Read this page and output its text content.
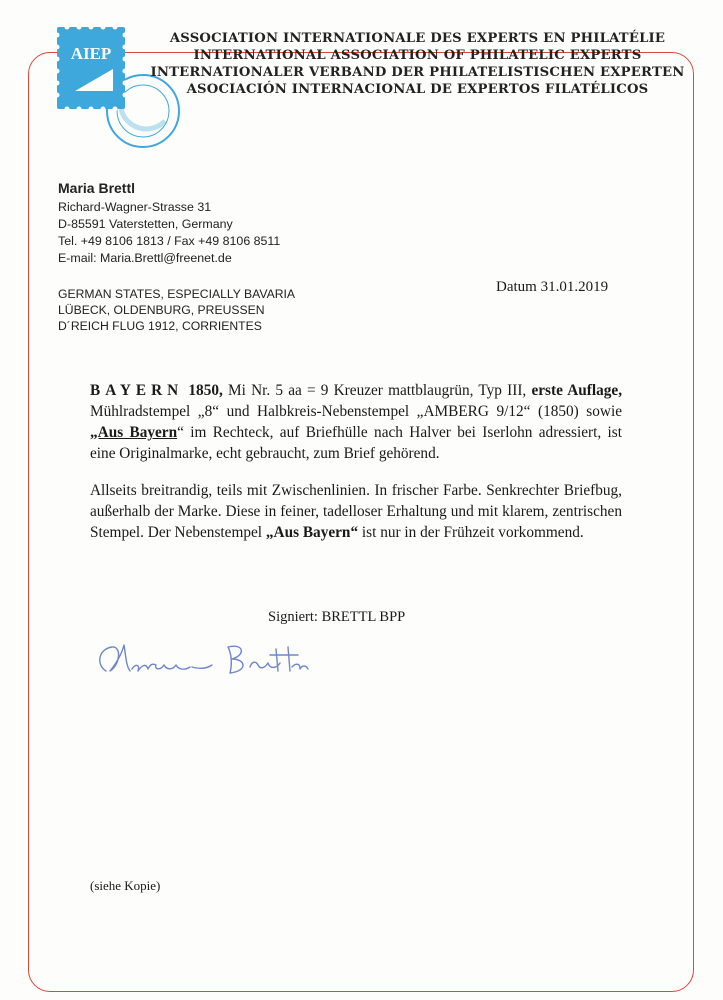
AIEP
ASSOCIATION INTERNATIONALE DES EXPERTS EN PHILATÉLIE
INTERNATIONAL ASSOCIATION OF PHILATELIC EXPERTS
INTERNATIONALER VERBAND DER PHILATELISTISCHEN EXPERTEN
ASOCIACIÓN INTERNACIONAL DE EXPERTOS FILATÉLICOS
Maria Brettl
Richard-Wagner-Strasse 31
D-85591 Vaterstetten, Germany
Tel. +49 8106 1813 / Fax +49 8106 8511
E-mail: Maria.Brettl@freenet.de
GERMAN STATES, ESPECIALLY BAVARIA
LÜBECK, OLDENBURG, PREUSSEN
D´REICH FLUG 1912, CORRIENTES
Datum 31.01.2019

BAYERN 1850, Mi Nr. 5 aa = 9 Kreuzer mattblaugrün, Typ III, erste Auflage, Mühlradstempel „8“ und Halbkreis-Nebenstempel „AMBERG 9/12“ (1850) sowie „Aus Bayern“ im Rechteck, auf Briefhülle nach Halver bei Iserlohn adressiert, ist eine Originalmarke, echt gebraucht, zum Brief gehörend.

Allseits breitrandig, teils mit Zwischenlinien. In frischer Farbe. Senkrechter Briefbug, außerhalb der Marke. Diese in feiner, tadelloser Erhaltung und mit klarem, zentrischen Stempel. Der Nebenstempel „Aus Bayern“ ist nur in der Frühzeit vorkommend.

Signiert: BRETTL BPP
(siehe Kopie)
